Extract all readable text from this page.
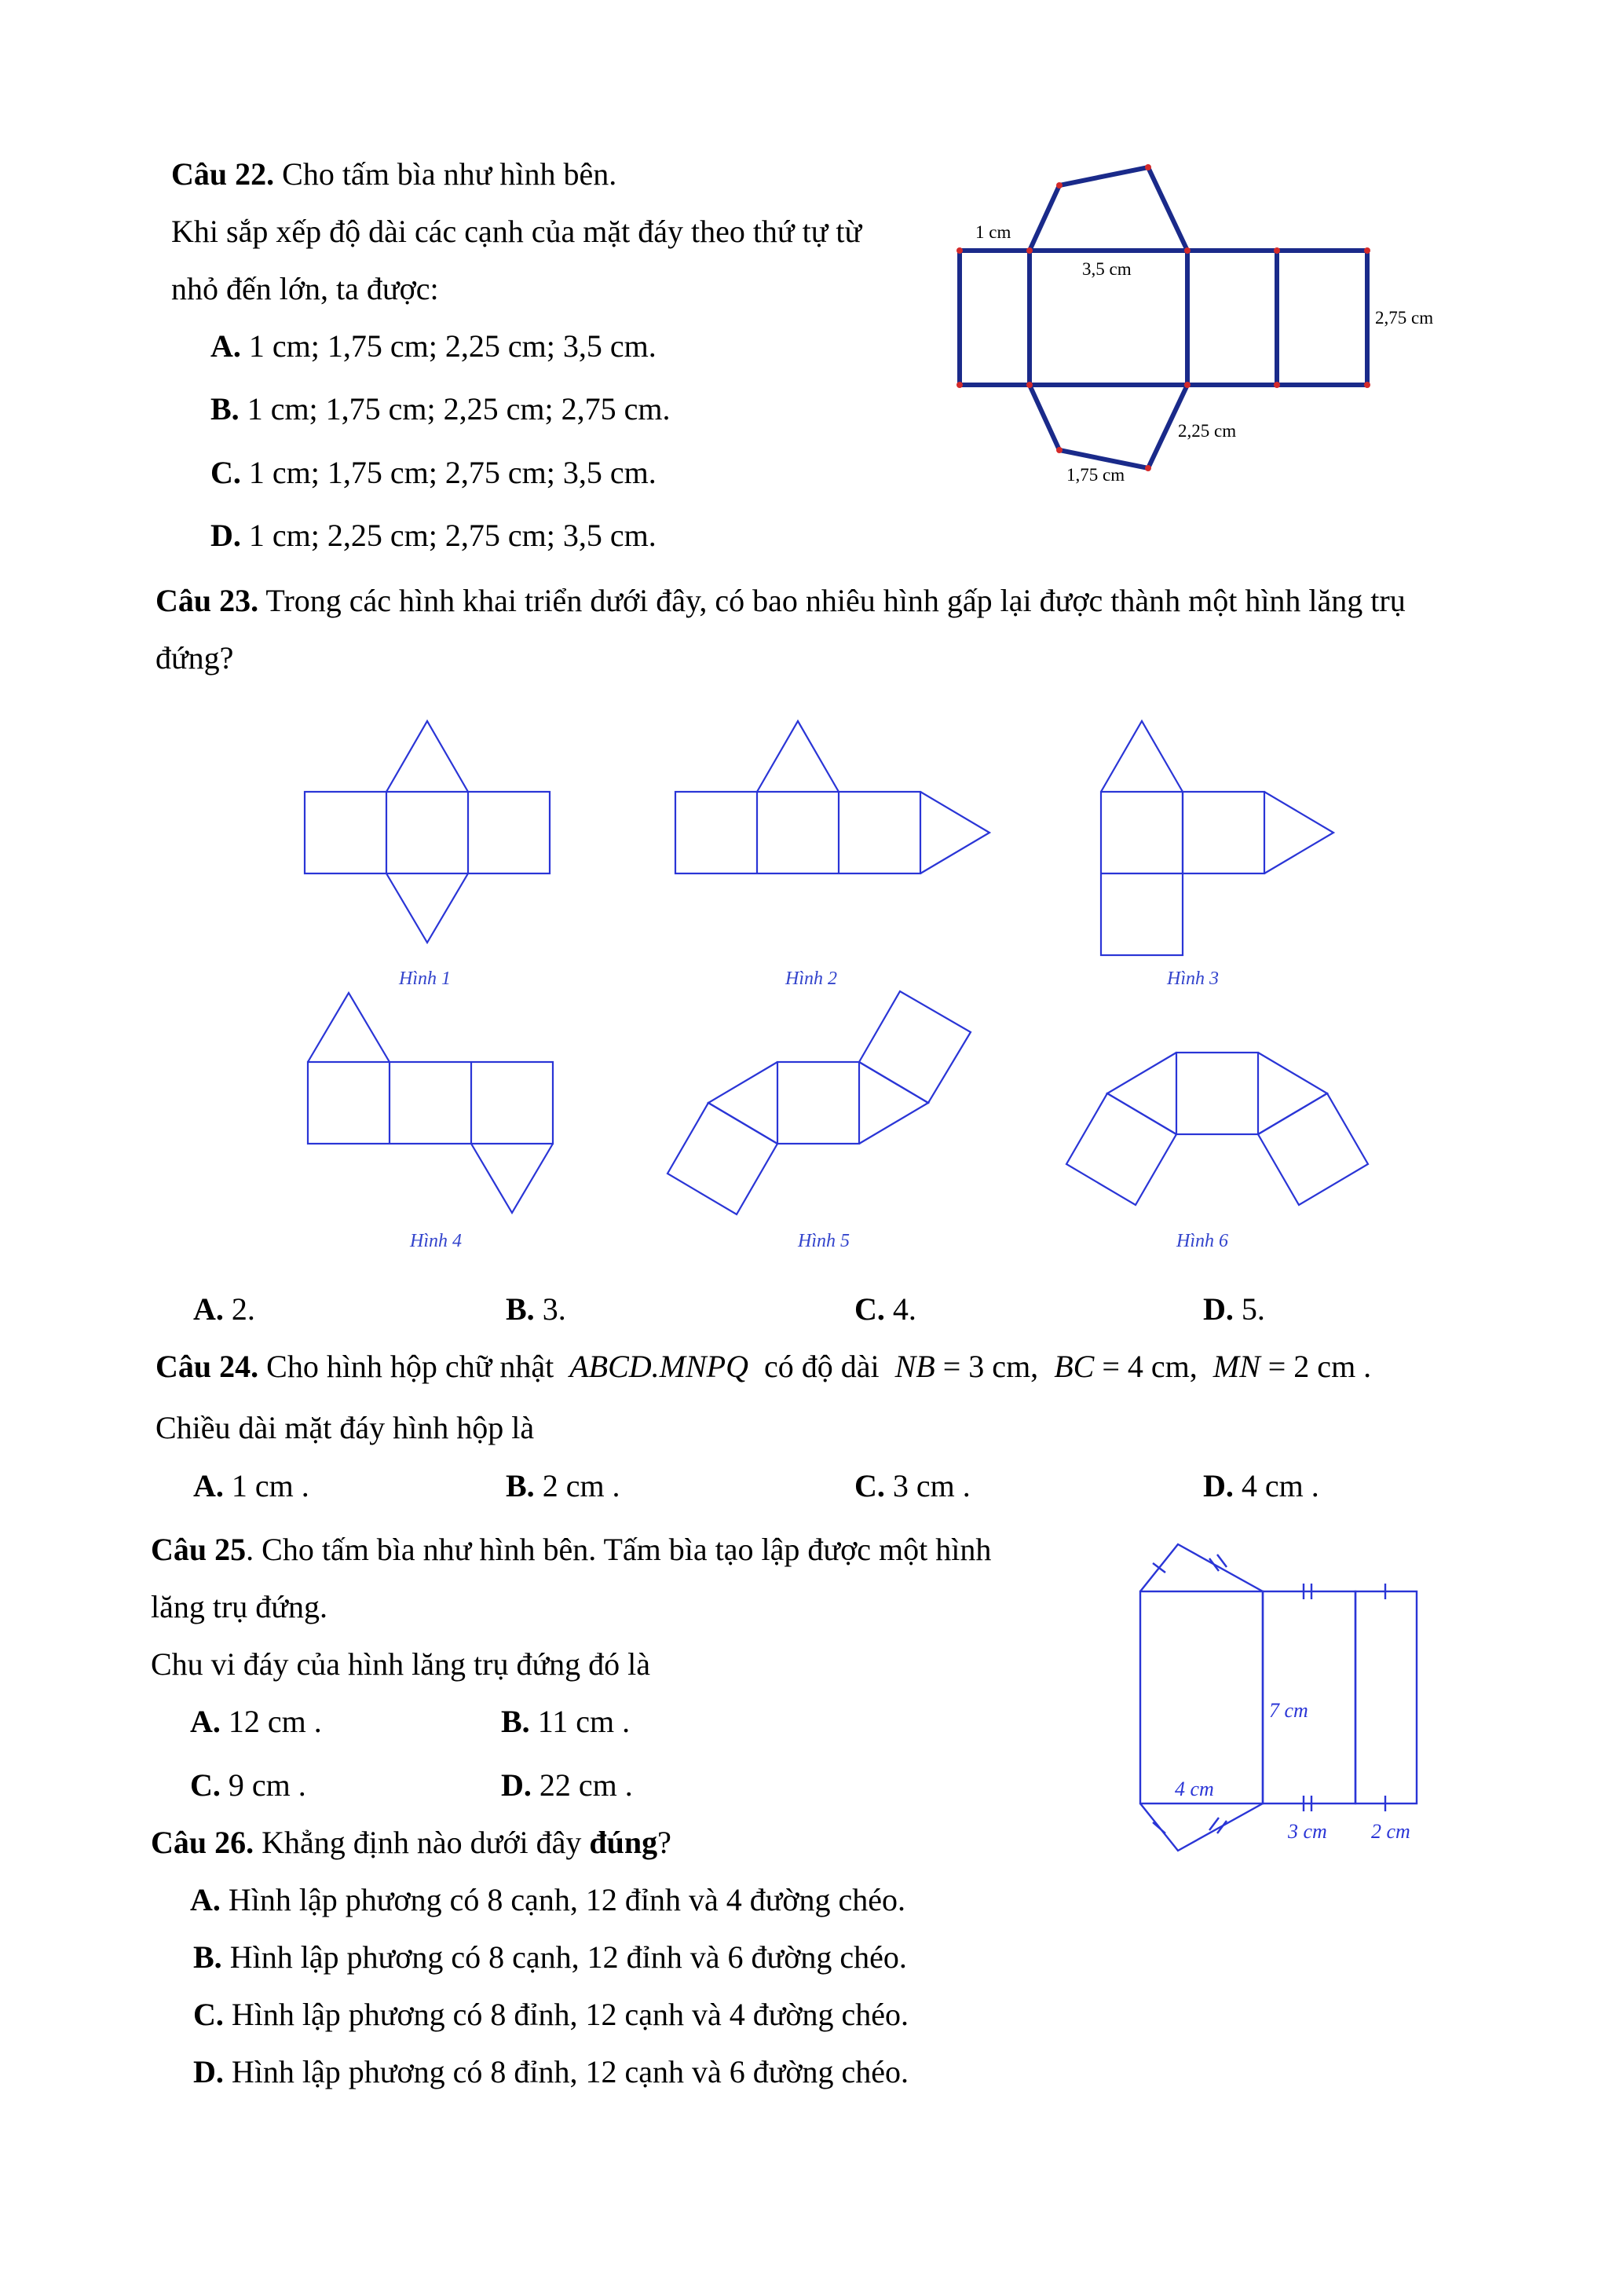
Câu 22. Cho tấm bìa như hình bên.
Khi sắp xếp độ dài các cạnh của mặt đáy theo thứ tự từ
nhỏ đến lớn, ta được:
A. 1 cm; 1,75 cm; 2,25 cm; 3,5 cm.
B. 1 cm; 1,75 cm; 2,25 cm; 2,75 cm.
C. 1 cm; 1,75 cm; 2,75 cm; 3,5 cm.
D. 1 cm; 2,25 cm; 2,75 cm; 3,5 cm.
1 cm
3,5 cm
2,75 cm
2,25 cm
1,75 cm
Câu 23. Trong các hình khai triển dưới đây, có bao nhiêu hình gấp lại được thành một hình lăng trụ
đứng?
Hình 1	Hình 2	Hình 3
Hình 4	Hình 5	Hình 6
A. 2.	B. 3.	C. 4.	D. 5.
Câu 24. Cho hình hộp chữ nhật ABCD.MNPQ có độ dài NB = 3 cm, BC = 4 cm, MN = 2 cm .
Chiều dài mặt đáy hình hộp là
A. 1 cm .	B. 2 cm .	C. 3 cm .	D. 4 cm .
Câu 25. Cho tấm bìa như hình bên. Tấm bìa tạo lập được một hình
lăng trụ đứng.
Chu vi đáy của hình lăng trụ đứng đó là
A. 12 cm .	B. 11 cm .
C. 9 cm .	D. 22 cm .
7 cm
4 cm
3 cm 2 cm
Câu 26. Khẳng định nào dưới đây đúng?
A. Hình lập phương có 8 cạnh, 12 đỉnh và 4 đường chéo.
B. Hình lập phương có 8 cạnh, 12 đỉnh và 6 đường chéo.
C. Hình lập phương có 8 đỉnh, 12 cạnh và 4 đường chéo.
D. Hình lập phương có 8 đỉnh, 12 cạnh và 6 đường chéo.
